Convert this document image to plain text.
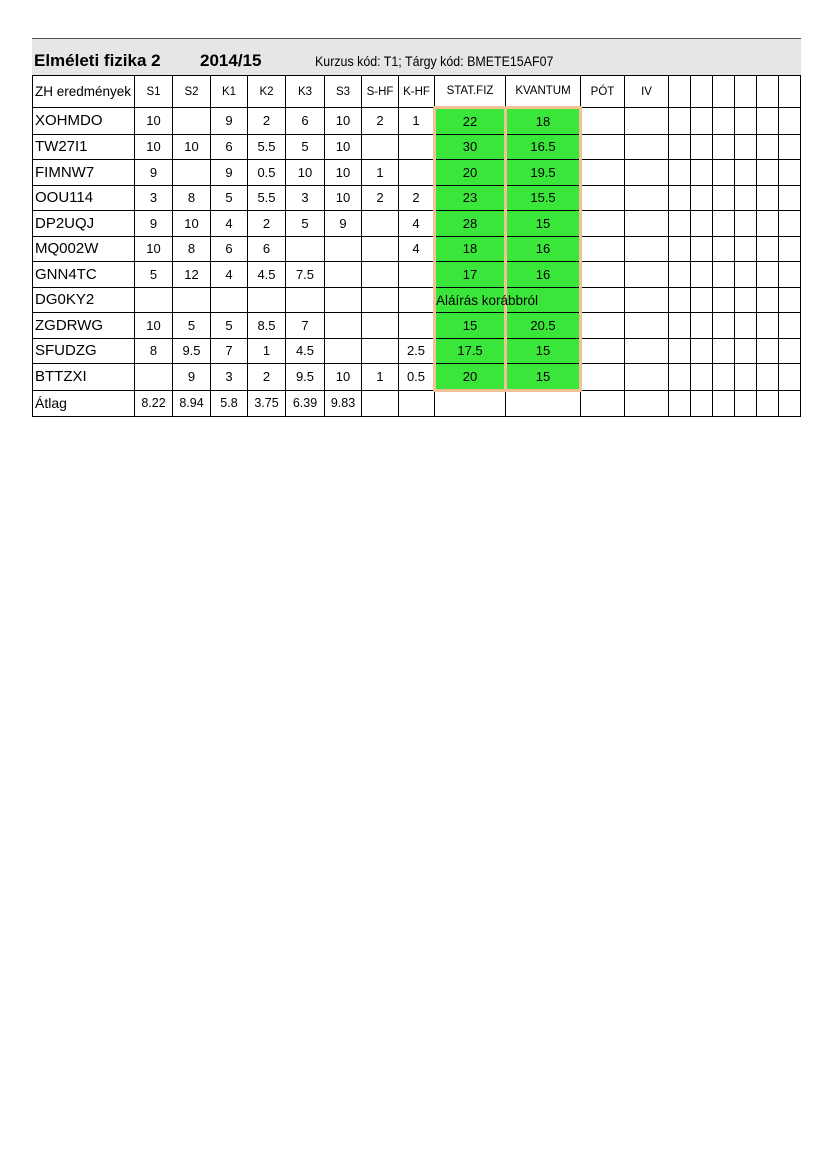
Elméleti fizika 2 2014/15	Kurzus kód: T1; Tárgy kód: BMETE15AF07
ZH eredmények	S1	S2	K1	K2	K3	S3	S-HF	K-HF	STAT.FIZ	KVANTUM	PÓT	IV						
XOHMDO	10		9	2	6	10	2	1	22	18								
TW27I1	10	10	6	5.5	5	10			30	16.5								
FIMNW7	9		9	0.5	10	10	1		20	19.5								
OOU114	3	8	5	5.5	3	10	2	2	23	15.5								
DP2UQJ	9	10	4	2	5	9		4	28	15								
MQ002W	10	8	6	6				4	18	16								
GNN4TC	5	12	4	4.5	7.5				17	16								
DG0KY2									Aláírás korábbról									

ZGDRWG	10	5	5	8.5	7				15	20.5								
SFUDZG	8	9.5	7	1	4.5			2.5	17.5	15								
BTTZXI		9	3	2	9.5	10	1	0.5	20	15								
Átlag	8.22	8.94	5.8	3.75	6.39	9.83												
